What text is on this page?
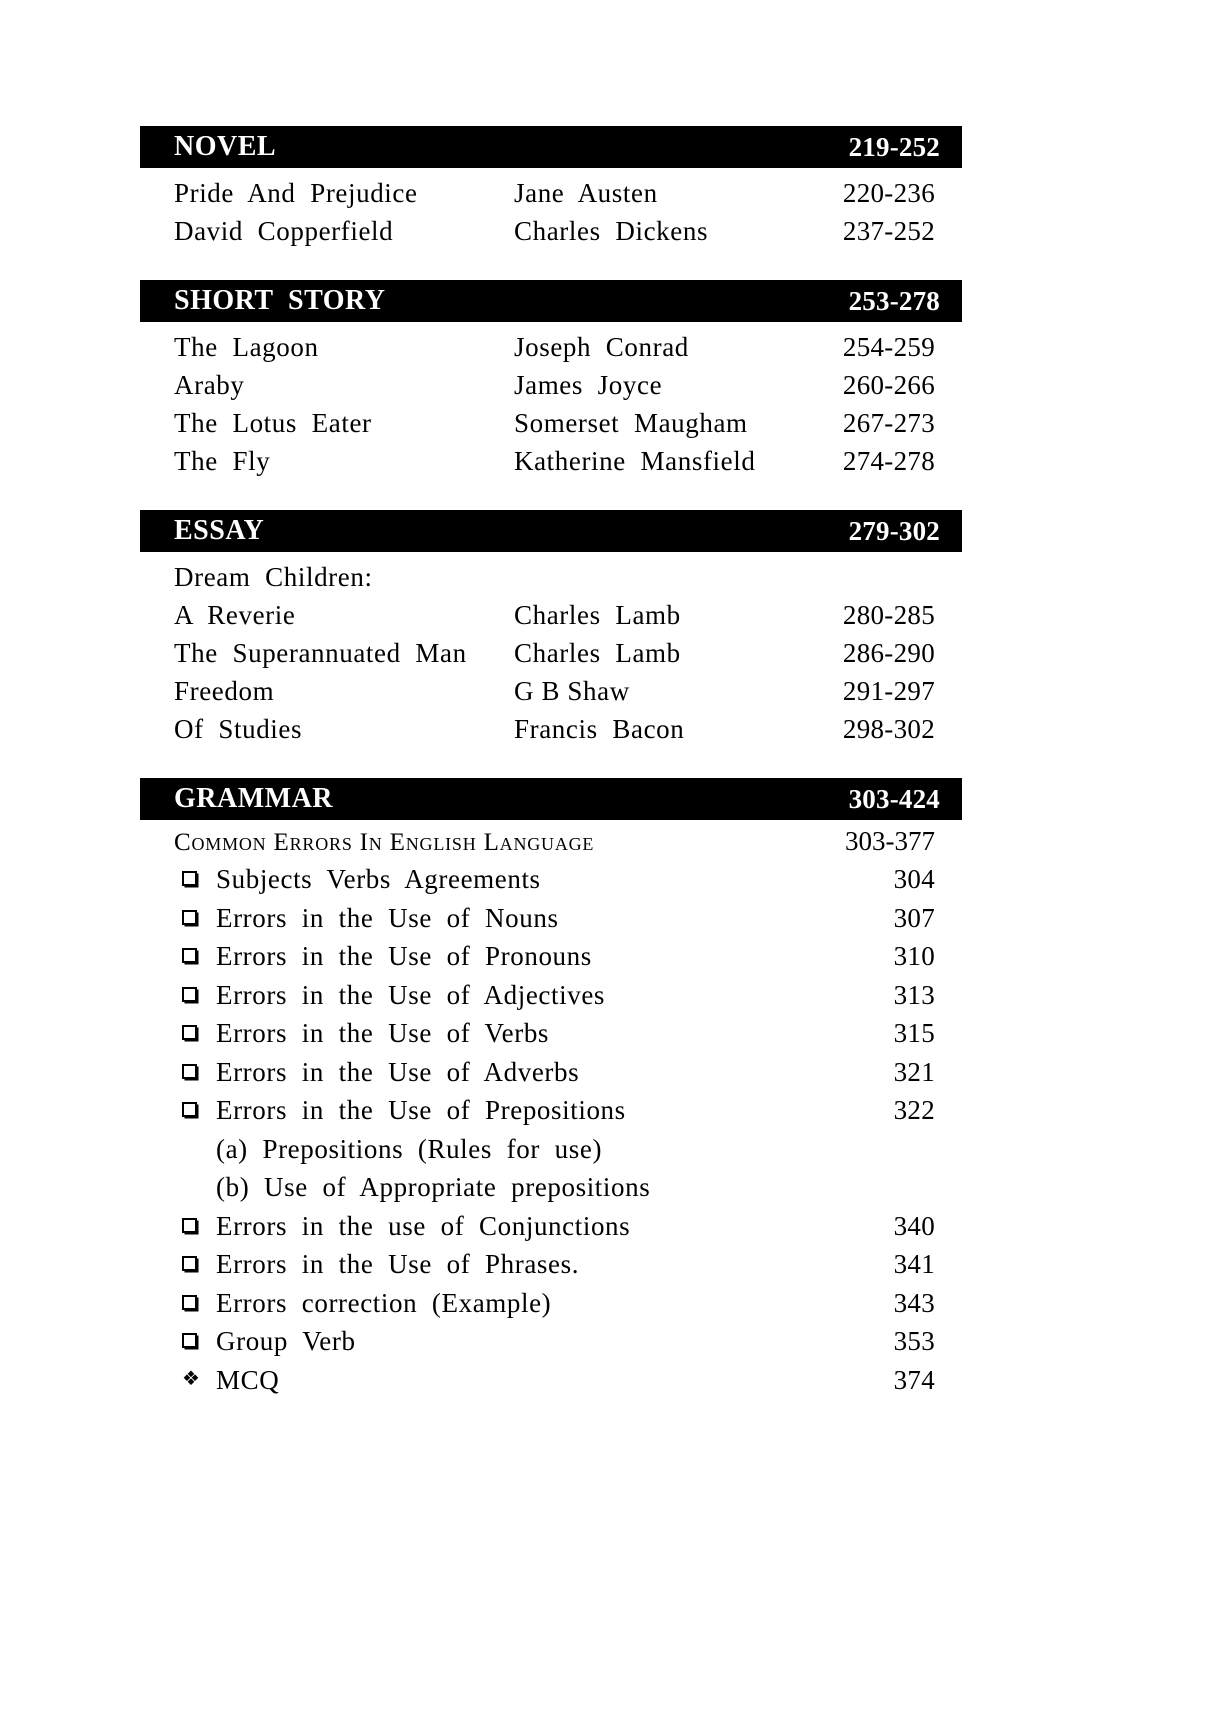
NOVEL	219-252
Pride  And  Prejudice	Jane  Austen	220-236
David  Copperfield	Charles  Dickens	237-252
SHORT  STORY	253-278
The  Lagoon	Joseph  Conrad	254-259
Araby	James  Joyce	260-266
The  Lotus  Eater	Somerset  Maugham	267-273
The  Fly	Katherine  Mansfield	274-278
ESSAY	279-302
Dream  Children:
A  Reverie	Charles  Lamb	280-285
The  Superannuated  Man	Charles  Lamb	286-290
Freedom	G B Shaw	291-297
Of  Studies	Francis  Bacon	298-302
GRAMMAR	303-424
Common Errors In English Language	303-377
Subjects  Verbs  Agreements	304
Errors  in  the  Use  of  Nouns	307
Errors  in  the  Use  of  Pronouns	310
Errors  in  the  Use  of  Adjectives	313
Errors  in  the  Use  of  Verbs	315
Errors  in  the  Use  of  Adverbs	321
Errors  in  the  Use  of  Prepositions	322
(a)  Prepositions  (Rules  for  use)
(b)  Use  of  Appropriate  prepositions
Errors  in  the  use  of  Conjunctions	340
Errors  in  the  Use  of  Phrases.	341
Errors  correction  (Example)	343
Group  Verb	353
❖ MCQ	374
